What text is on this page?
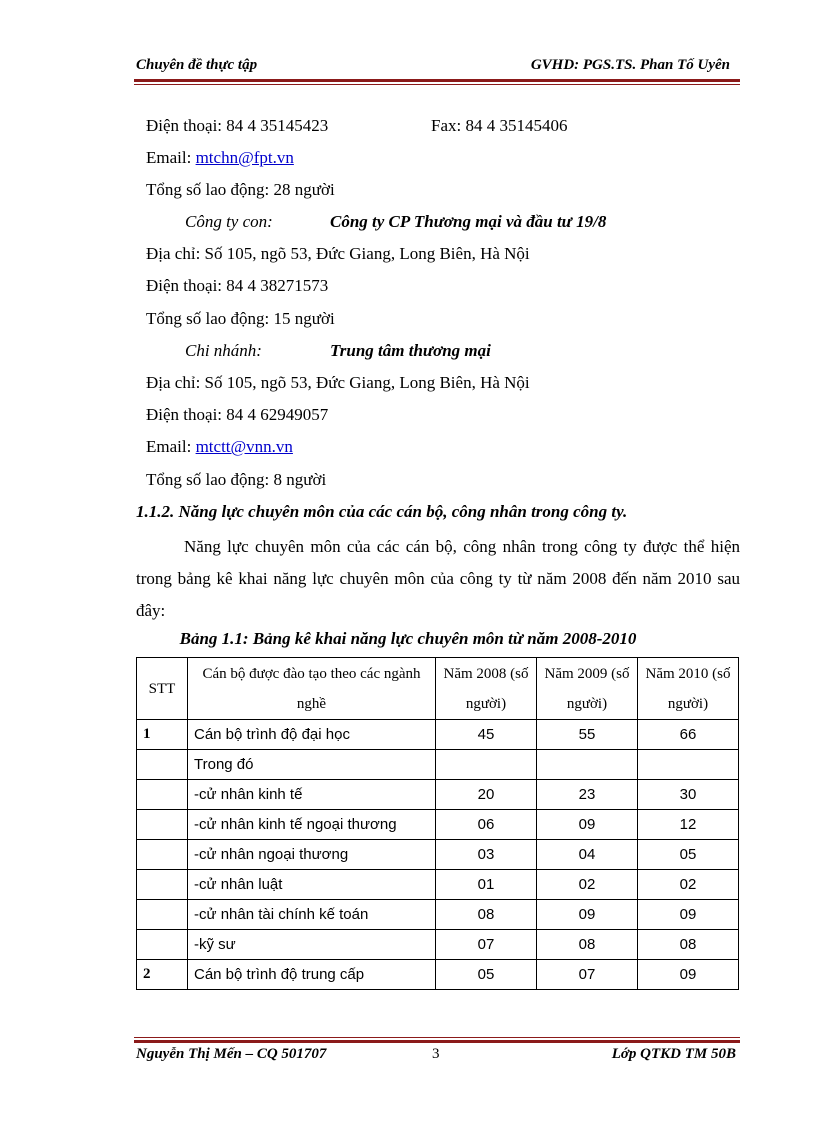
Chuyên đề thực tập	GVHD: PGS.TS. Phan Tố Uyên
Điện thoại: 84 4 35145423	Fax: 84 4 35145406
Email: mtchn@fpt.vn
Tổng số lao động: 28 người
Công ty con:	Công ty CP Thương mại và đầu tư 19/8
Địa chỉ: Số 105, ngõ 53, Đức Giang, Long Biên, Hà Nội
Điện thoại: 84 4 38271573
Tổng số lao động: 15 người
Chi nhánh:	Trung tâm thương mại
Địa chỉ: Số 105, ngõ 53, Đức Giang, Long Biên, Hà Nội
Điện thoại: 84 4 62949057
Email: mtctt@vnn.vn
Tổng số lao động: 8 người
1.1.2. Năng lực chuyên môn của các cán bộ, công nhân trong công ty.

Năng lực chuyên môn của các cán bộ, công nhân trong công ty được thể hiện trong bảng kê khai năng lực chuyên môn của công ty từ năm 2008 đến năm 2010 sau đây:

Bảng 1.1: Bảng kê khai năng lực chuyên môn từ năm 2008-2010
STT	Cán bộ được đào tạo theo các ngành nghề	Năm 2008 (số người)	Năm 2009 (số người)	Năm 2010 (số người)
1	Cán bộ trình độ đại học	45	55	66
	Trong đó			
	-cử nhân kinh tế	20	23	30
	-cử nhân kinh tế ngoại thương	06	09	12
	-cử nhân ngoại thương	03	04	05
	-cử nhân luật	01	02	02
	-cử nhân tài chính kế toán	08	09	09
	-kỹ sư	07	08	08
2	Cán bộ trình độ trung cấp	05	07	09
Nguyễn Thị Mến – CQ 501707	3	Lớp QTKD TM 50B
